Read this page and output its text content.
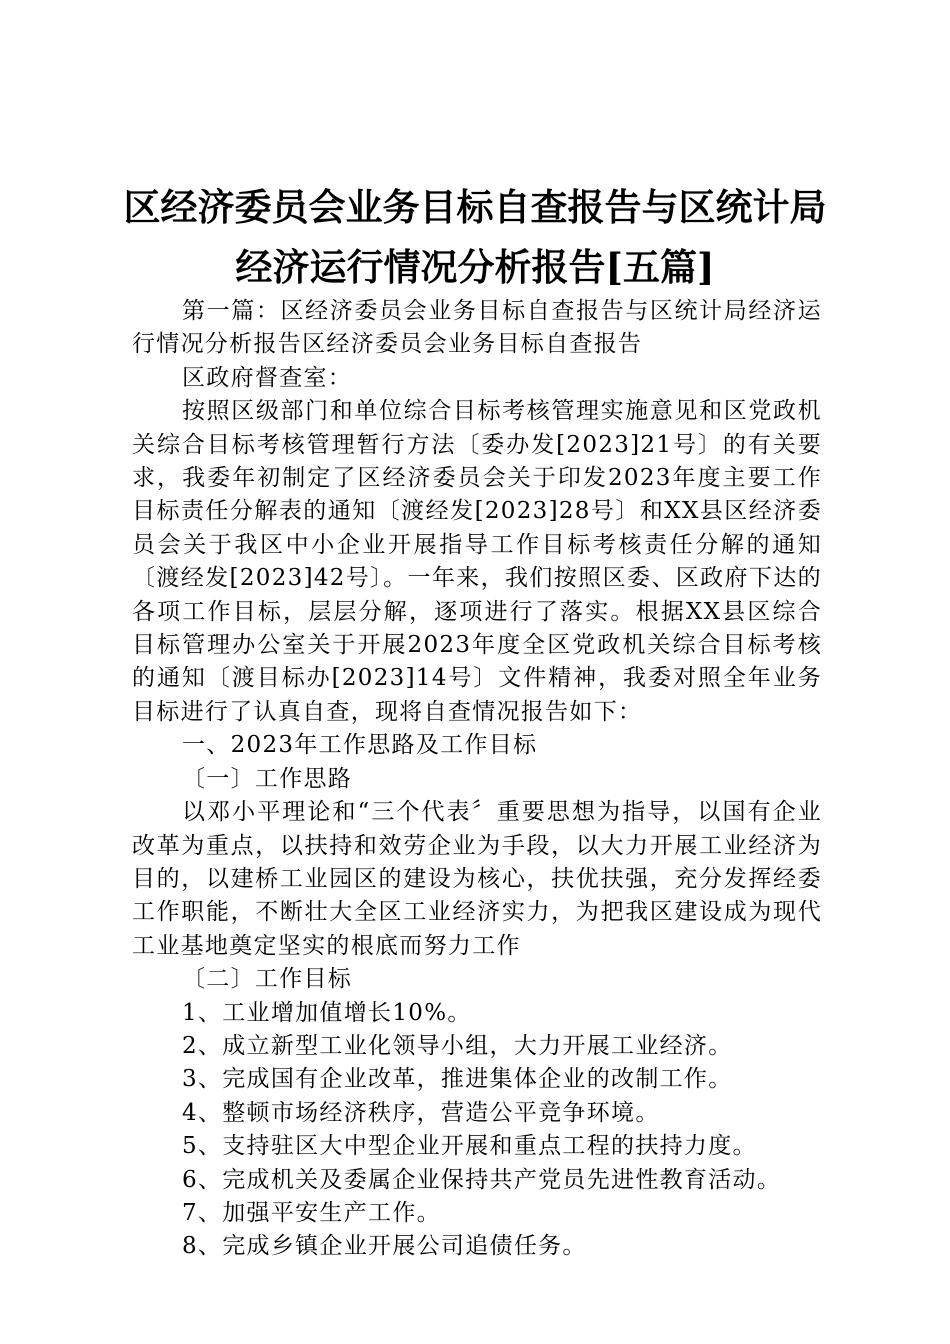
区经济委员会业务目标自查报告与区统计局
经济运行情况分析报告[五篇]

第一篇：区经济委员会业务目标自查报告与区统计局经济运行情况分析报告区经济委员会业务目标自查报告

区政府督查室：

按照区级部门和单位综合目标考核管理实施意见和区党政机关综合目标考核管理暂行方法〔委办发[2023]21号〕的有关要求，我委年初制定了区经济委员会关于印发2023年度主要工作目标责任分解表的通知〔渡经发[2023]28号〕和XX县区经济委员会关于我区中小企业开展指导工作目标考核责任分解的通知〔渡经发[2023]42号〕。一年来，我们按照区委、区政府下达的各项工作目标，层层分解，逐项进行了落实。根据XX县区综合目标管理办公室关于开展2023年度全区党政机关综合目标考核的通知〔渡目标办[2023]14号〕文件精神，我委对照全年业务目标进行了认真自查，现将自查情况报告如下：

一、2023年工作思路及工作目标

〔一〕工作思路

以邓小平理论和“三个代表〞重要思想为指导，以国有企业改革为重点，以扶持和效劳企业为手段，以大力开展工业经济为目的，以建桥工业园区的建设为核心，扶优扶强，充分发挥经委工作职能，不断壮大全区工业经济实力，为把我区建设成为现代工业基地奠定坚实的根底而努力工作

〔二〕工作目标

1、工业增加值增长10%。

2、成立新型工业化领导小组，大力开展工业经济。

3、完成国有企业改革，推进集体企业的改制工作。

4、整顿市场经济秩序，营造公平竞争环境。

5、支持驻区大中型企业开展和重点工程的扶持力度。

6、完成机关及委属企业保持共产党员先进性教育活动。

7、加强平安生产工作。

8、完成乡镇企业开展公司追债任务。
